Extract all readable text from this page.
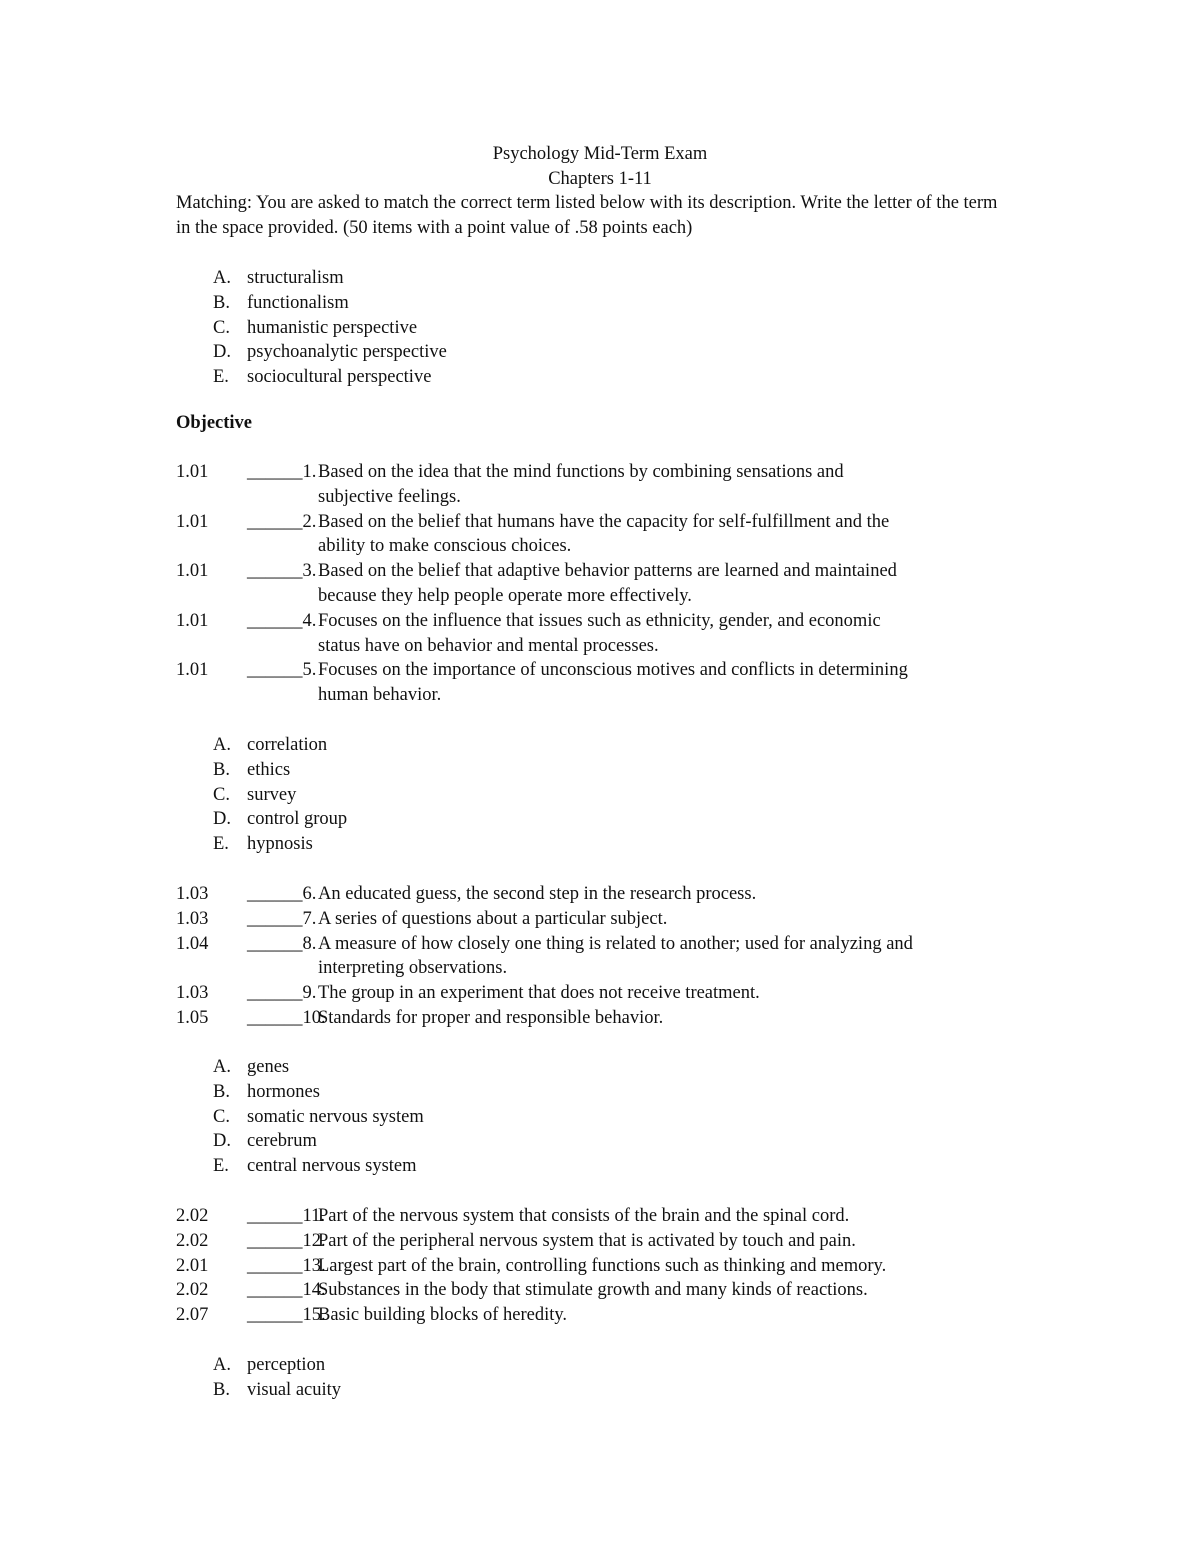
Psychology Mid-Term Exam
Chapters 1-11
Matching: You are asked to match the correct term listed below with its description. Write the letter of the term in the space provided. (50 items with a point value of .58 points each)
A. structuralism
B. functionalism
C. humanistic perspective
D. psychoanalytic perspective
E. sociocultural perspective
Objective
1.01 ______1. Based on the idea that the mind functions by combining sensations and
subjective feelings.
1.01 ______2. Based on the belief that humans have the capacity for self-fulfillment and the
ability to make conscious choices.
1.01 ______3. Based on the belief that adaptive behavior patterns are learned and maintained
because they help people operate more effectively.
1.01 ______4. Focuses on the influence that issues such as ethnicity, gender, and economic
status have on behavior and mental processes.
1.01 ______5. Focuses on the importance of unconscious motives and conflicts in determining
human behavior.
A. correlation
B. ethics
C. survey
D. control group
E. hypnosis
1.03 ______6. An educated guess, the second step in the research process.
1.03 ______7. A series of questions about a particular subject.
1.04 ______8. A measure of how closely one thing is related to another; used for analyzing and
interpreting observations.
1.03 ______9. The group in an experiment that does not receive treatment.
1.05 ______10.
Standards for proper and responsible behavior.
A. genes
B. hormones
C. somatic nervous system
D. cerebrum
E. central nervous system
2.02 ______11.
Part of the nervous system that consists of the brain and the spinal cord.
2.02 ______12.
Part of the peripheral nervous system that is activated by touch and pain.
2.01 ______13.
Largest part of the brain, controlling functions such as thinking and memory.
2.02 ______14.
Substances in the body that stimulate growth and many kinds of reactions.
2.07 ______15.
Basic building blocks of heredity.
A. perception
B. visual acuity
